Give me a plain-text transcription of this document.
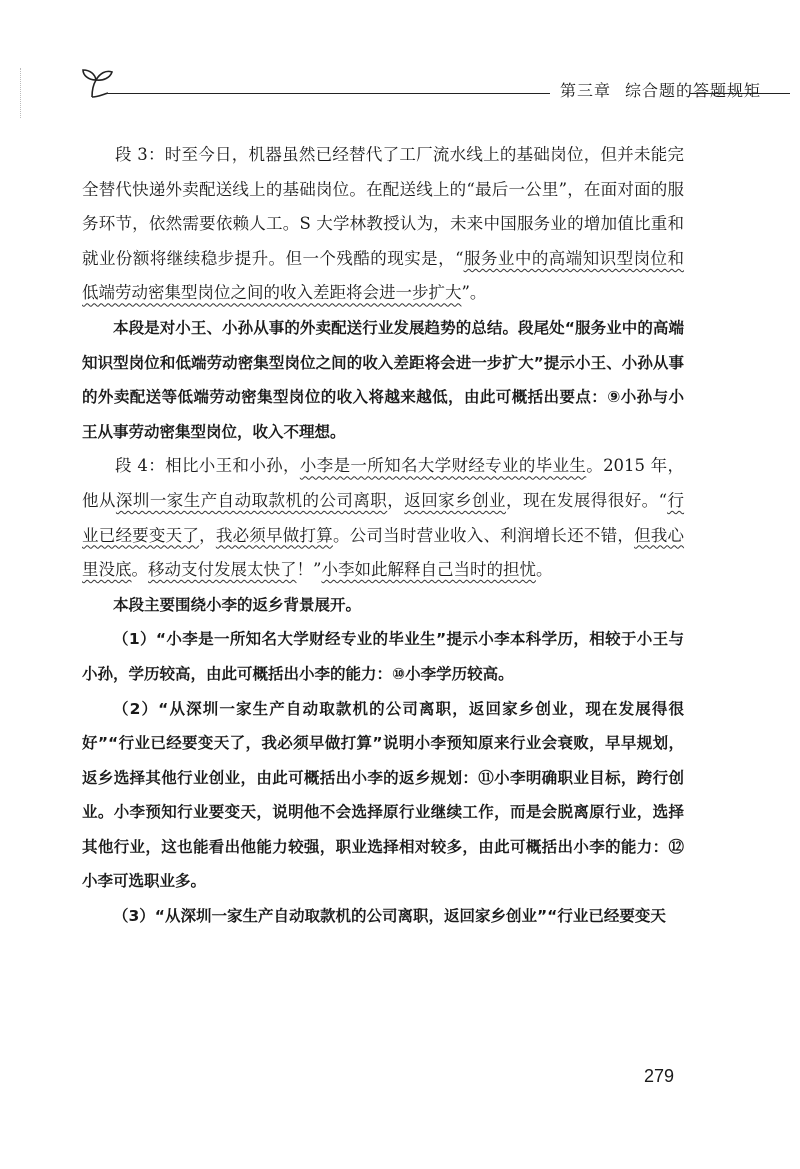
第三章 综合题的答题规矩

段 3：时至今日，机器虽然已经替代了工厂流水线上的基础岗位，但并未能完全替代快递外卖配送线上的基础岗位。在配送线上的“最后一公里”，在面对面的服务环节，依然需要依赖人工。S 大学林教授认为，未来中国服务业的增加值比重和就业份额将继续稳步提升。但一个残酷的现实是，“服务业中的高端知识型岗位和低端劳动密集型岗位之间的收入差距将会进一步扩大”。

本段是对小王、小孙从事的外卖配送行业发展趋势的总结。段尾处“服务业中的高端知识型岗位和低端劳动密集型岗位之间的收入差距将会进一步扩大”提示小王、小孙从事的外卖配送等低端劳动密集型岗位的收入将越来越低，由此可概括出要点：⑨小孙与小王从事劳动密集型岗位，收入不理想。

段 4：相比小王和小孙，小李是一所知名大学财经专业的毕业生。2015 年，他从深圳一家生产自动取款机的公司离职，返回家乡创业，现在发展得很好。“行业已经要变天了，我必须早做打算。公司当时营业收入、利润增长还不错，但我心里没底。移动支付发展太快了！”小李如此解释自己当时的担忧。

本段主要围绕小李的返乡背景展开。

（1）“小李是一所知名大学财经专业的毕业生”提示小李本科学历，相较于小王与小孙，学历较高，由此可概括出小李的能力：⑩小李学历较高。

（2）“从深圳一家生产自动取款机的公司离职，返回家乡创业，现在发展得很好”“行业已经要变天了，我必须早做打算”说明小李预知原来行业会衰败，早早规划，返乡选择其他行业创业，由此可概括出小李的返乡规划：⑪小李明确职业目标，跨行创业。小李预知行业要变天，说明他不会选择原行业继续工作，而是会脱离原行业，选择其他行业，这也能看出他能力较强，职业选择相对较多，由此可概括出小李的能力：⑫小李可选职业多。

（3）“从深圳一家生产自动取款机的公司离职，返回家乡创业”“行业已经要变天

279
